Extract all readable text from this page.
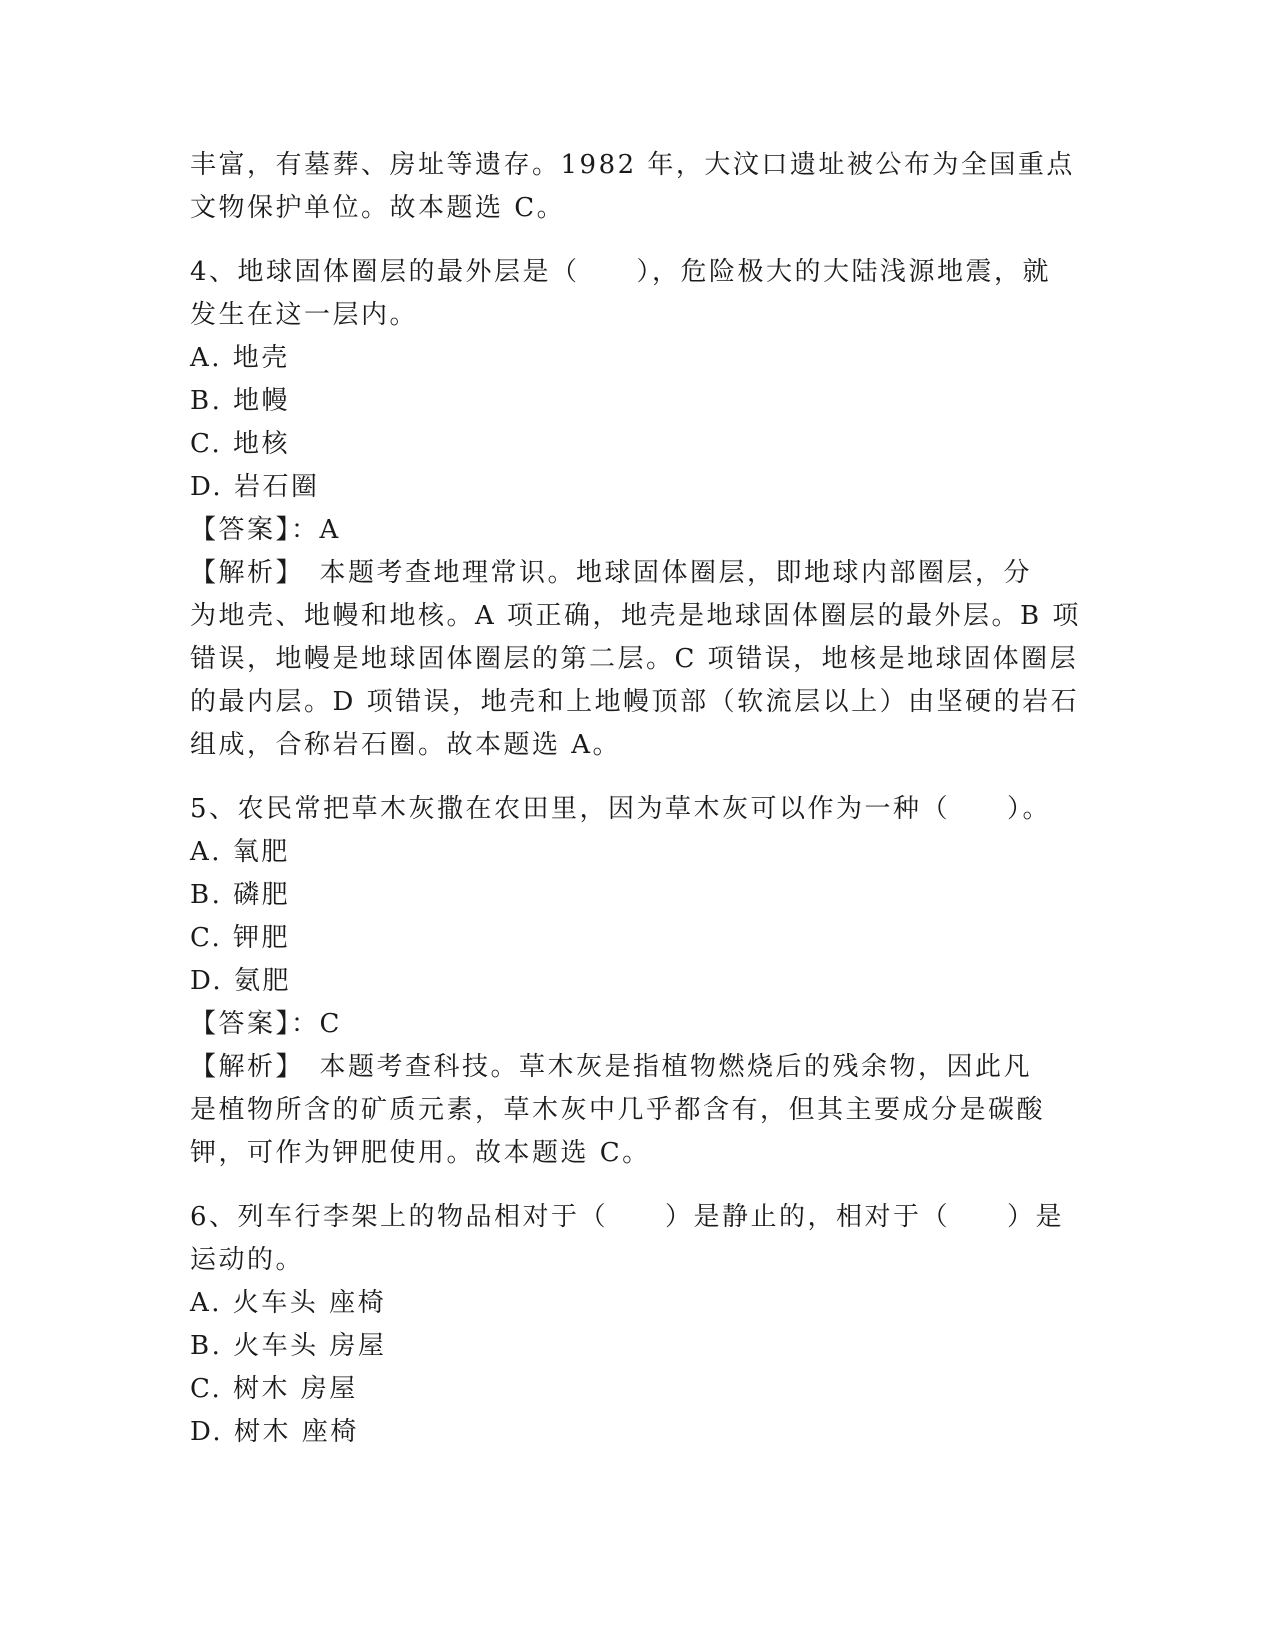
丰富，有墓葬、房址等遗存。1982 年，大汶口遗址被公布为全国重点
文物保护单位。故本题选 C。
4、地球固体圈层的最外层是（　　），危险极大的大陆浅源地震，就
发生在这一层内。
A. 地壳
B. 地幔
C. 地核
D. 岩石圈
【答案】：A
【解析】　本题考查地理常识。地球固体圈层，即地球内部圈层，分
为地壳、地幔和地核。A 项正确，地壳是地球固体圈层的最外层。B 项
错误，地幔是地球固体圈层的第二层。C 项错误，地核是地球固体圈层
的最内层。D 项错误，地壳和上地幔顶部（软流层以上）由坚硬的岩石
组成，合称岩石圈。故本题选 A。
5、农民常把草木灰撒在农田里，因为草木灰可以作为一种（　　）。
A. 氧肥
B. 磷肥
C. 钾肥
D. 氨肥
【答案】：C
【解析】　本题考查科技。草木灰是指植物燃烧后的残余物，因此凡
是植物所含的矿质元素，草木灰中几乎都含有，但其主要成分是碳酸
钾，可作为钾肥使用。故本题选 C。
6、列车行李架上的物品相对于（　　）是静止的，相对于（　　）是
运动的。
A. 火车头 座椅
B. 火车头 房屋
C. 树木 房屋
D. 树木 座椅
